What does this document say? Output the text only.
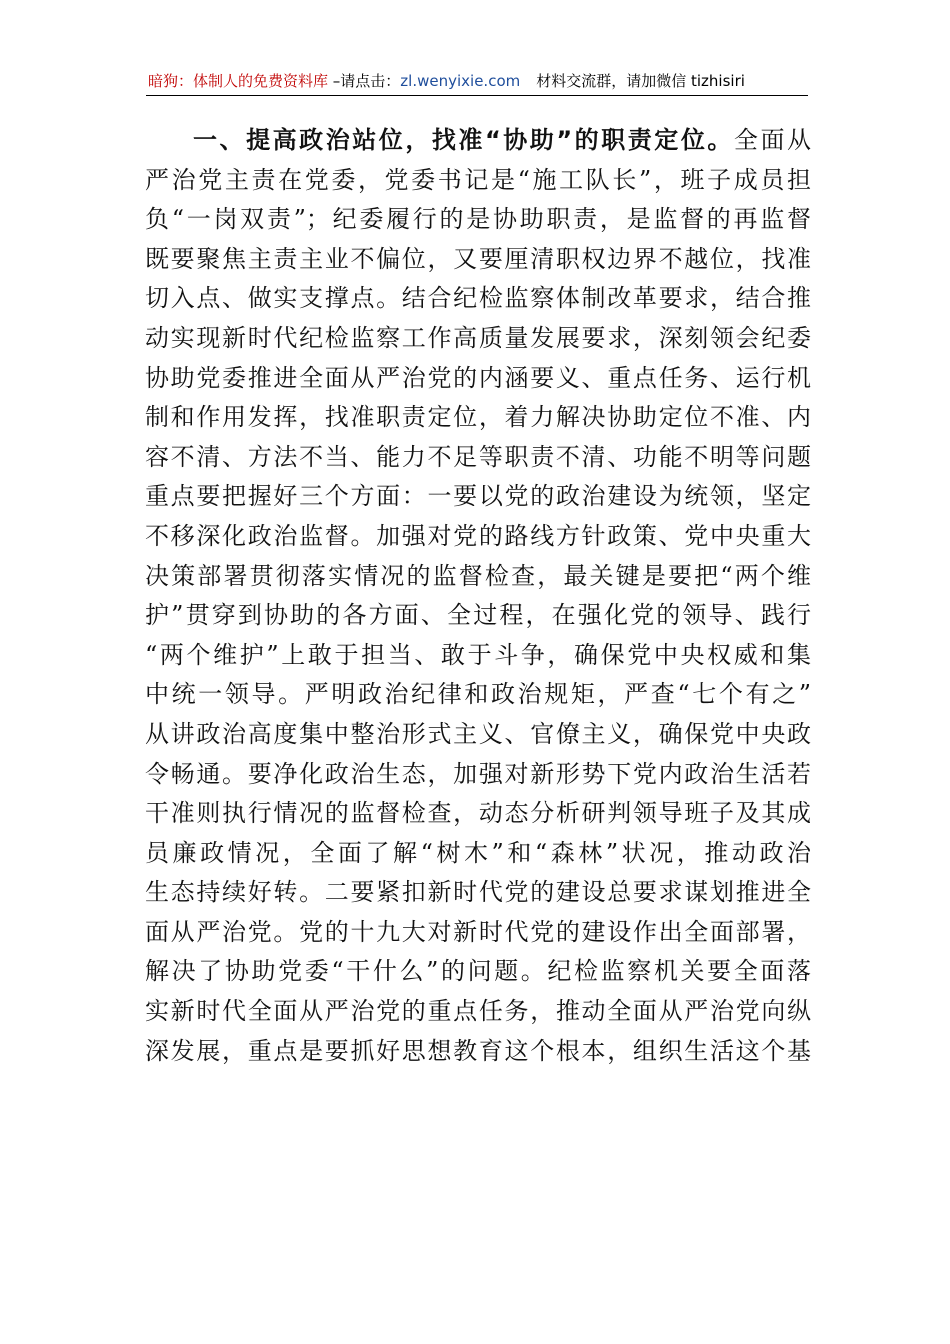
暗狗：体制人的免费资料库 –请点击：zl.wenyixie.com 材料交流群，请加微信 tizhisiri
一、提高政治站位，找准“协助”的职责定位。全面从
严治党主责在党委，党委书记是“施工队长”，班子成员担
负“一岗双责”；纪委履行的是协助职责，是监督的再监督
既要聚焦主责主业不偏位，又要厘清职权边界不越位，找准
切入点、做实支撑点。结合纪检监察体制改革要求，结合推
动实现新时代纪检监察工作高质量发展要求，深刻领会纪委
协助党委推进全面从严治党的内涵要义、重点任务、运行机
制和作用发挥，找准职责定位，着力解决协助定位不准、内
容不清、方法不当、能力不足等职责不清、功能不明等问题
重点要把握好三个方面：一要以党的政治建设为统领，坚定
不移深化政治监督。加强对党的路线方针政策、党中央重大
决策部署贯彻落实情况的监督检查，最关键是要把“两个维
护”贯穿到协助的各方面、全过程，在强化党的领导、践行
“两个维护”上敢于担当、敢于斗争，确保党中央权威和集
中统一领导。严明政治纪律和政治规矩，严查“七个有之”
从讲政治高度集中整治形式主义、官僚主义，确保党中央政
令畅通。要净化政治生态，加强对新形势下党内政治生活若
干准则执行情况的监督检查，动态分析研判领导班子及其成
员廉政情况，全面了解“树木”和“森林”状况，推动政治
生态持续好转。二要紧扣新时代党的建设总要求谋划推进全
面从严治党。党的十九大对新时代党的建设作出全面部署，
解决了协助党委“干什么”的问题。纪检监察机关要全面落
实新时代全面从严治党的重点任务，推动全面从严治党向纵
深发展，重点是要抓好思想教育这个根本，组织生活这个基
